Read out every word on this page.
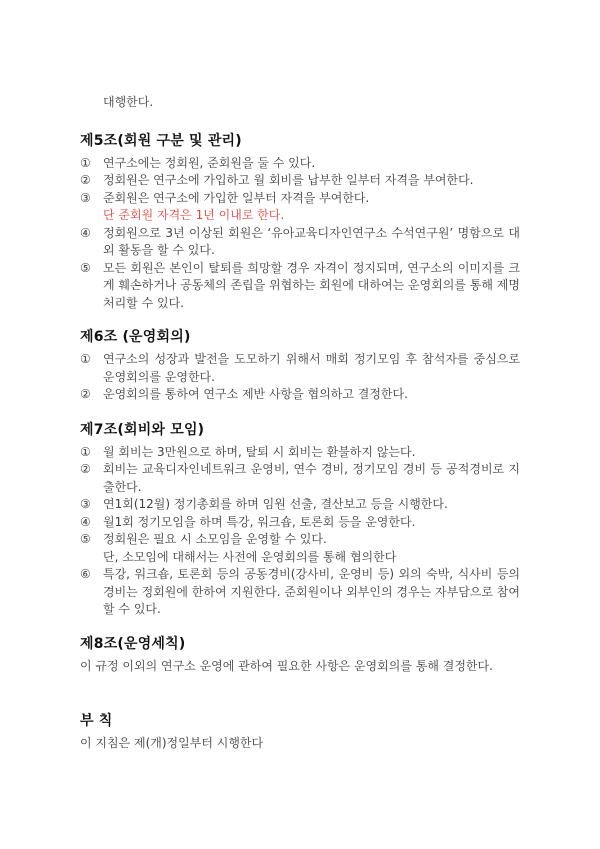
대행한다.

제5조(회원 구분 및 관리)

① 연구소에는 정회원, 준회원을 둘 수 있다.

② 정회원은 연구소에 가입하고 월 회비를 납부한 일부터 자격을 부여한다.

③ 준회원은 연구소에 가입한 일부터 자격을 부여한다.

단 준회원 자격은 1년 이내로 한다.

④ 정회원으로 3년 이상된 회원은 ‘유아교육디자인연구소 수석연구원’ 명함으로 대외 활동을 할 수 있다.

⑤ 모든 회원은 본인이 탈퇴를 희망할 경우 자격이 정지되며, 연구소의 이미지를 크게 훼손하거나 공동체의 존립을 위협하는 회원에 대하여는 운영회의를 통해 제명 처리할 수 있다.

제6조 (운영회의)

① 연구소의 성장과 발전을 도모하기 위해서 매회 정기모임 후 참석자를 중심으로 운영회의를 운영한다.

② 운영회의를 통하여 연구소 제반 사항을 협의하고 결정한다.

제7조(회비와 모임)

① 월 회비는 3만원으로 하며, 탈퇴 시 회비는 환불하지 않는다.

② 회비는 교육디자인네트워크 운영비, 연수 경비, 정기모임 경비 등 공적경비로 지출한다.

③ 연1회(12월) 정기총회를 하며 임원 선출, 결산보고 등을 시행한다.

④ 월1회 정기모임을 하며 특강, 워크숍, 토론회 등을 운영한다.

⑤ 정회원은 필요 시 소모임을 운영할 수 있다.

단, 소모임에 대해서는 사전에 운영회의를 통해 협의한다

⑥ 특강, 워크숍, 토론회 등의 공동경비(강사비, 운영비 등) 외의 숙박, 식사비 등의 경비는 정회원에 한하여 지원한다. 준회원이나 외부인의 경우는 자부담으로 참여할 수 있다.

제8조(운영세칙)

이 규정 이외의 연구소 운영에 관하여 필요한 사항은 운영회의를 통해 결정한다.

부 칙

이 지침은 제(개)정일부터 시행한다
